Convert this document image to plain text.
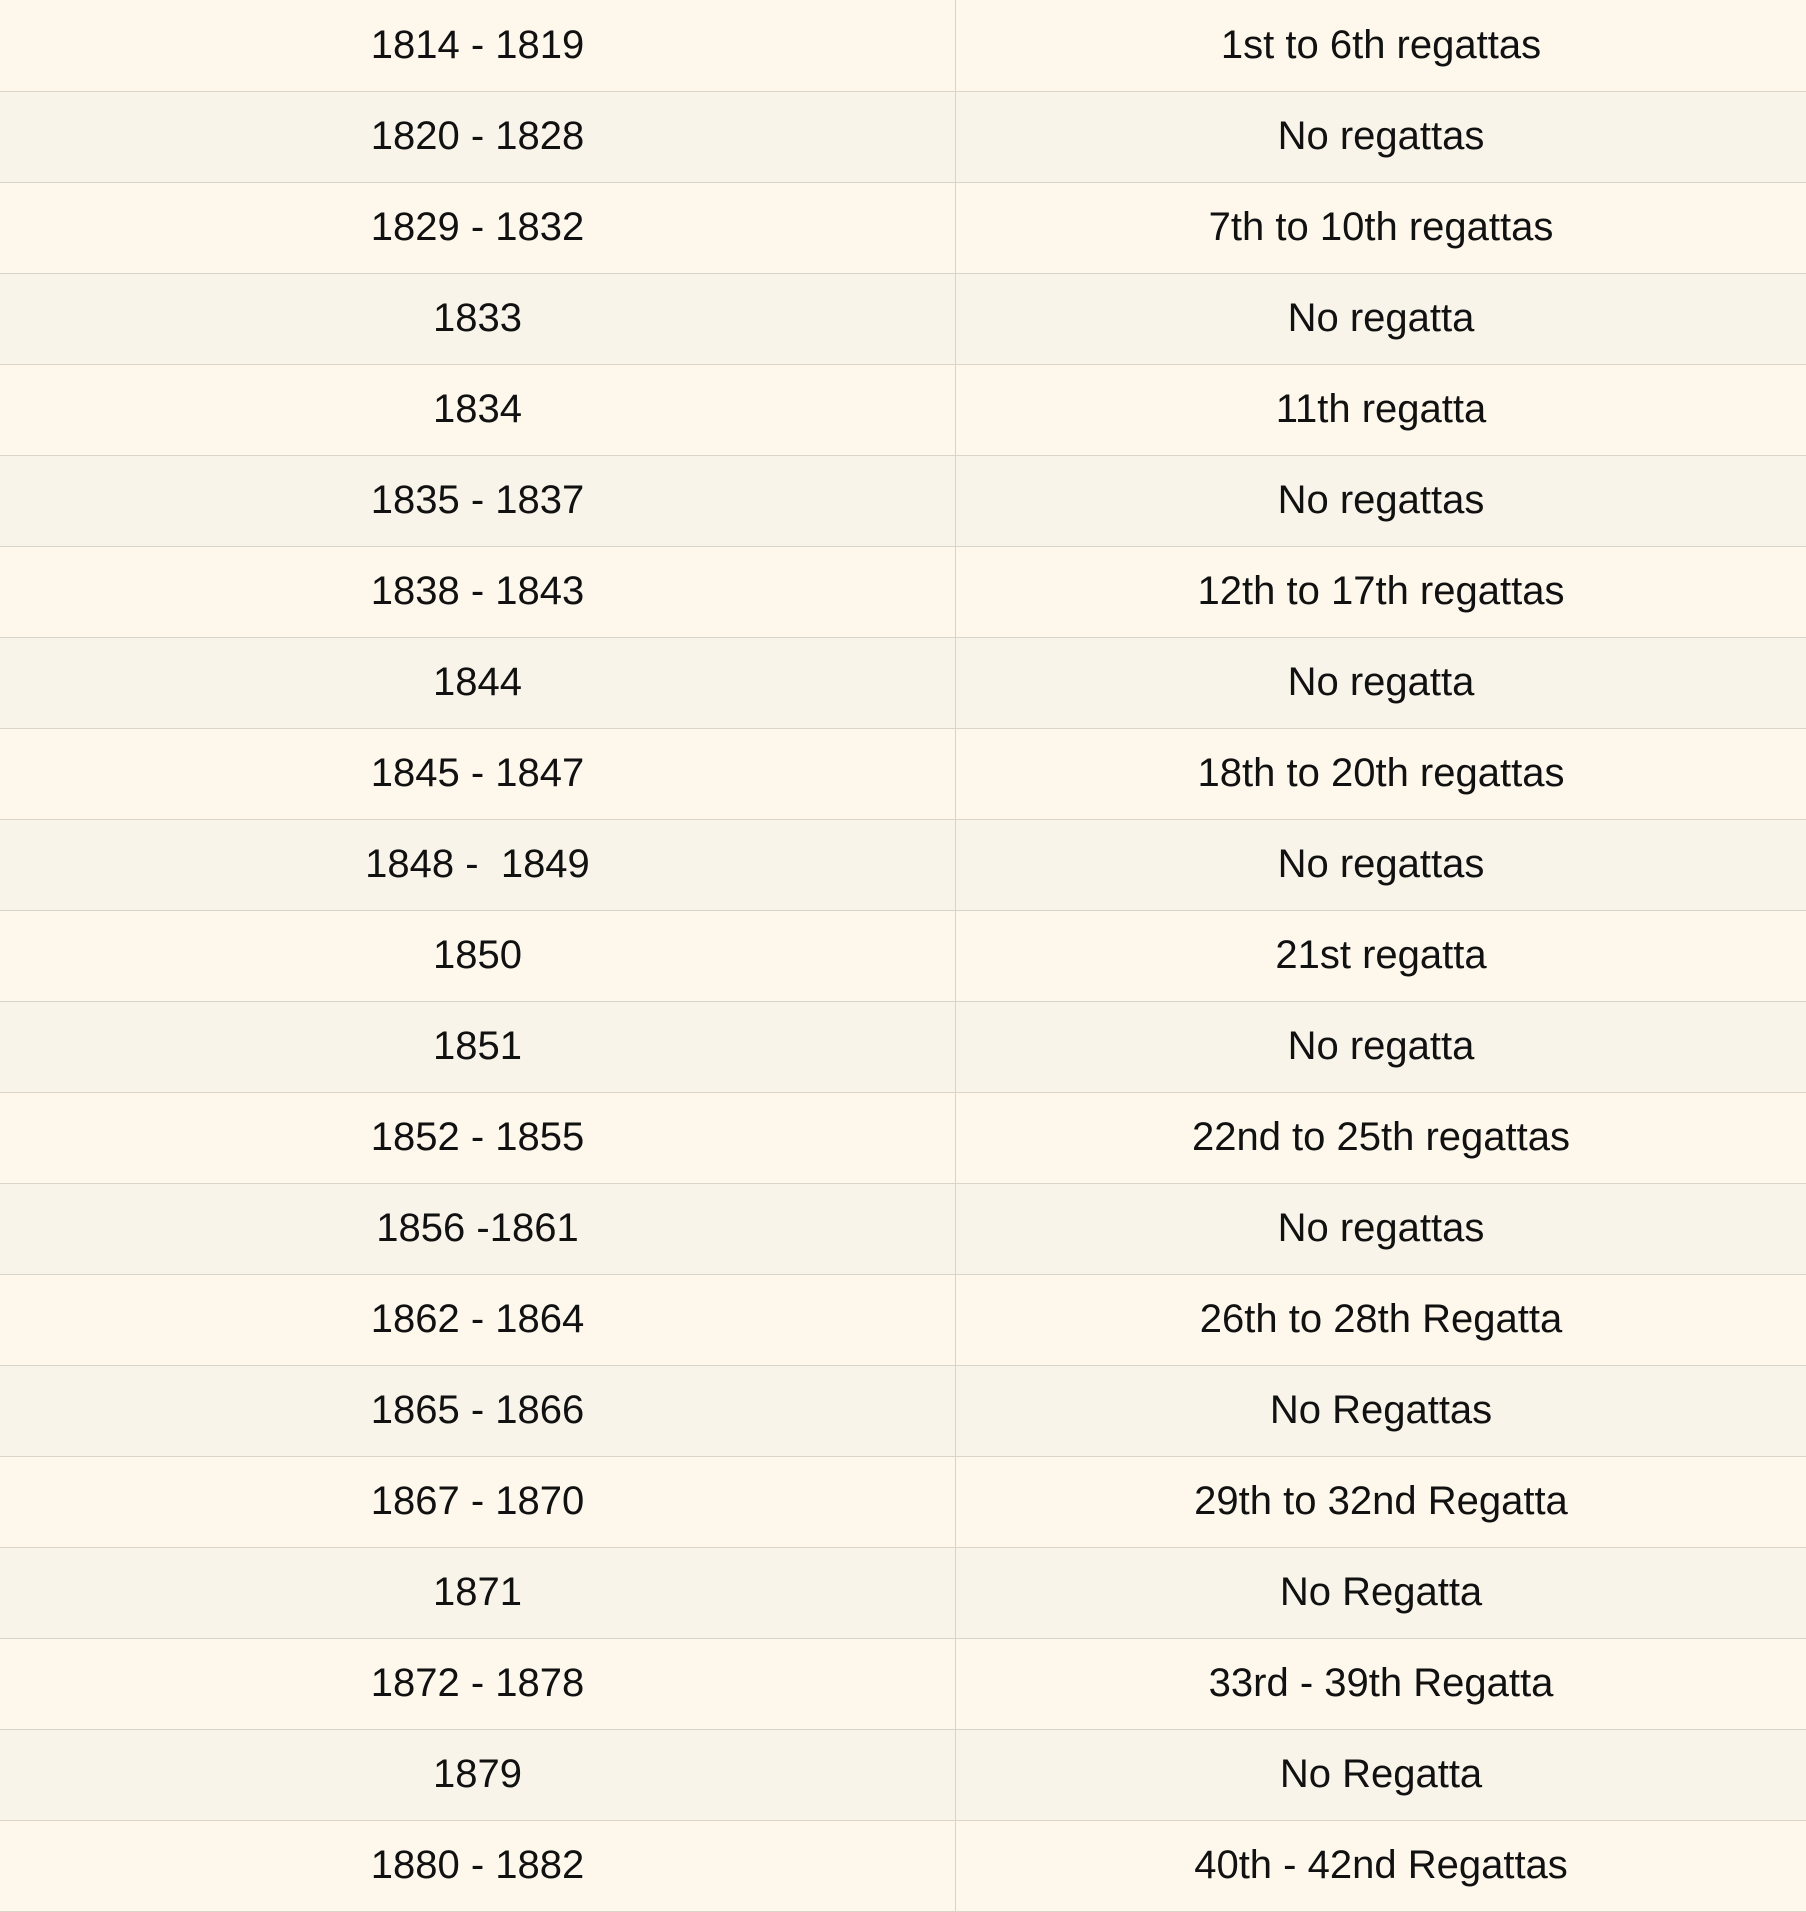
1814 - 1819	1st to 6th regattas
1820 - 1828	No regattas
1829 - 1832	7th to 10th regattas
1833	No regatta
1834	11th regatta
1835 - 1837	No regattas
1838 - 1843	12th to 17th regattas
1844	No regatta
1845 - 1847	18th to 20th regattas
1848 -  1849	No regattas
1850	21st regatta
1851	No regatta
1852 - 1855	22nd to 25th regattas
1856 -1861	No regattas
1862 - 1864	26th to 28th Regatta
1865 - 1866	No Regattas
1867 - 1870	29th to 32nd Regatta
1871	No Regatta
1872 - 1878	33rd - 39th Regatta
1879	No Regatta
1880 - 1882	40th - 42nd Regattas
